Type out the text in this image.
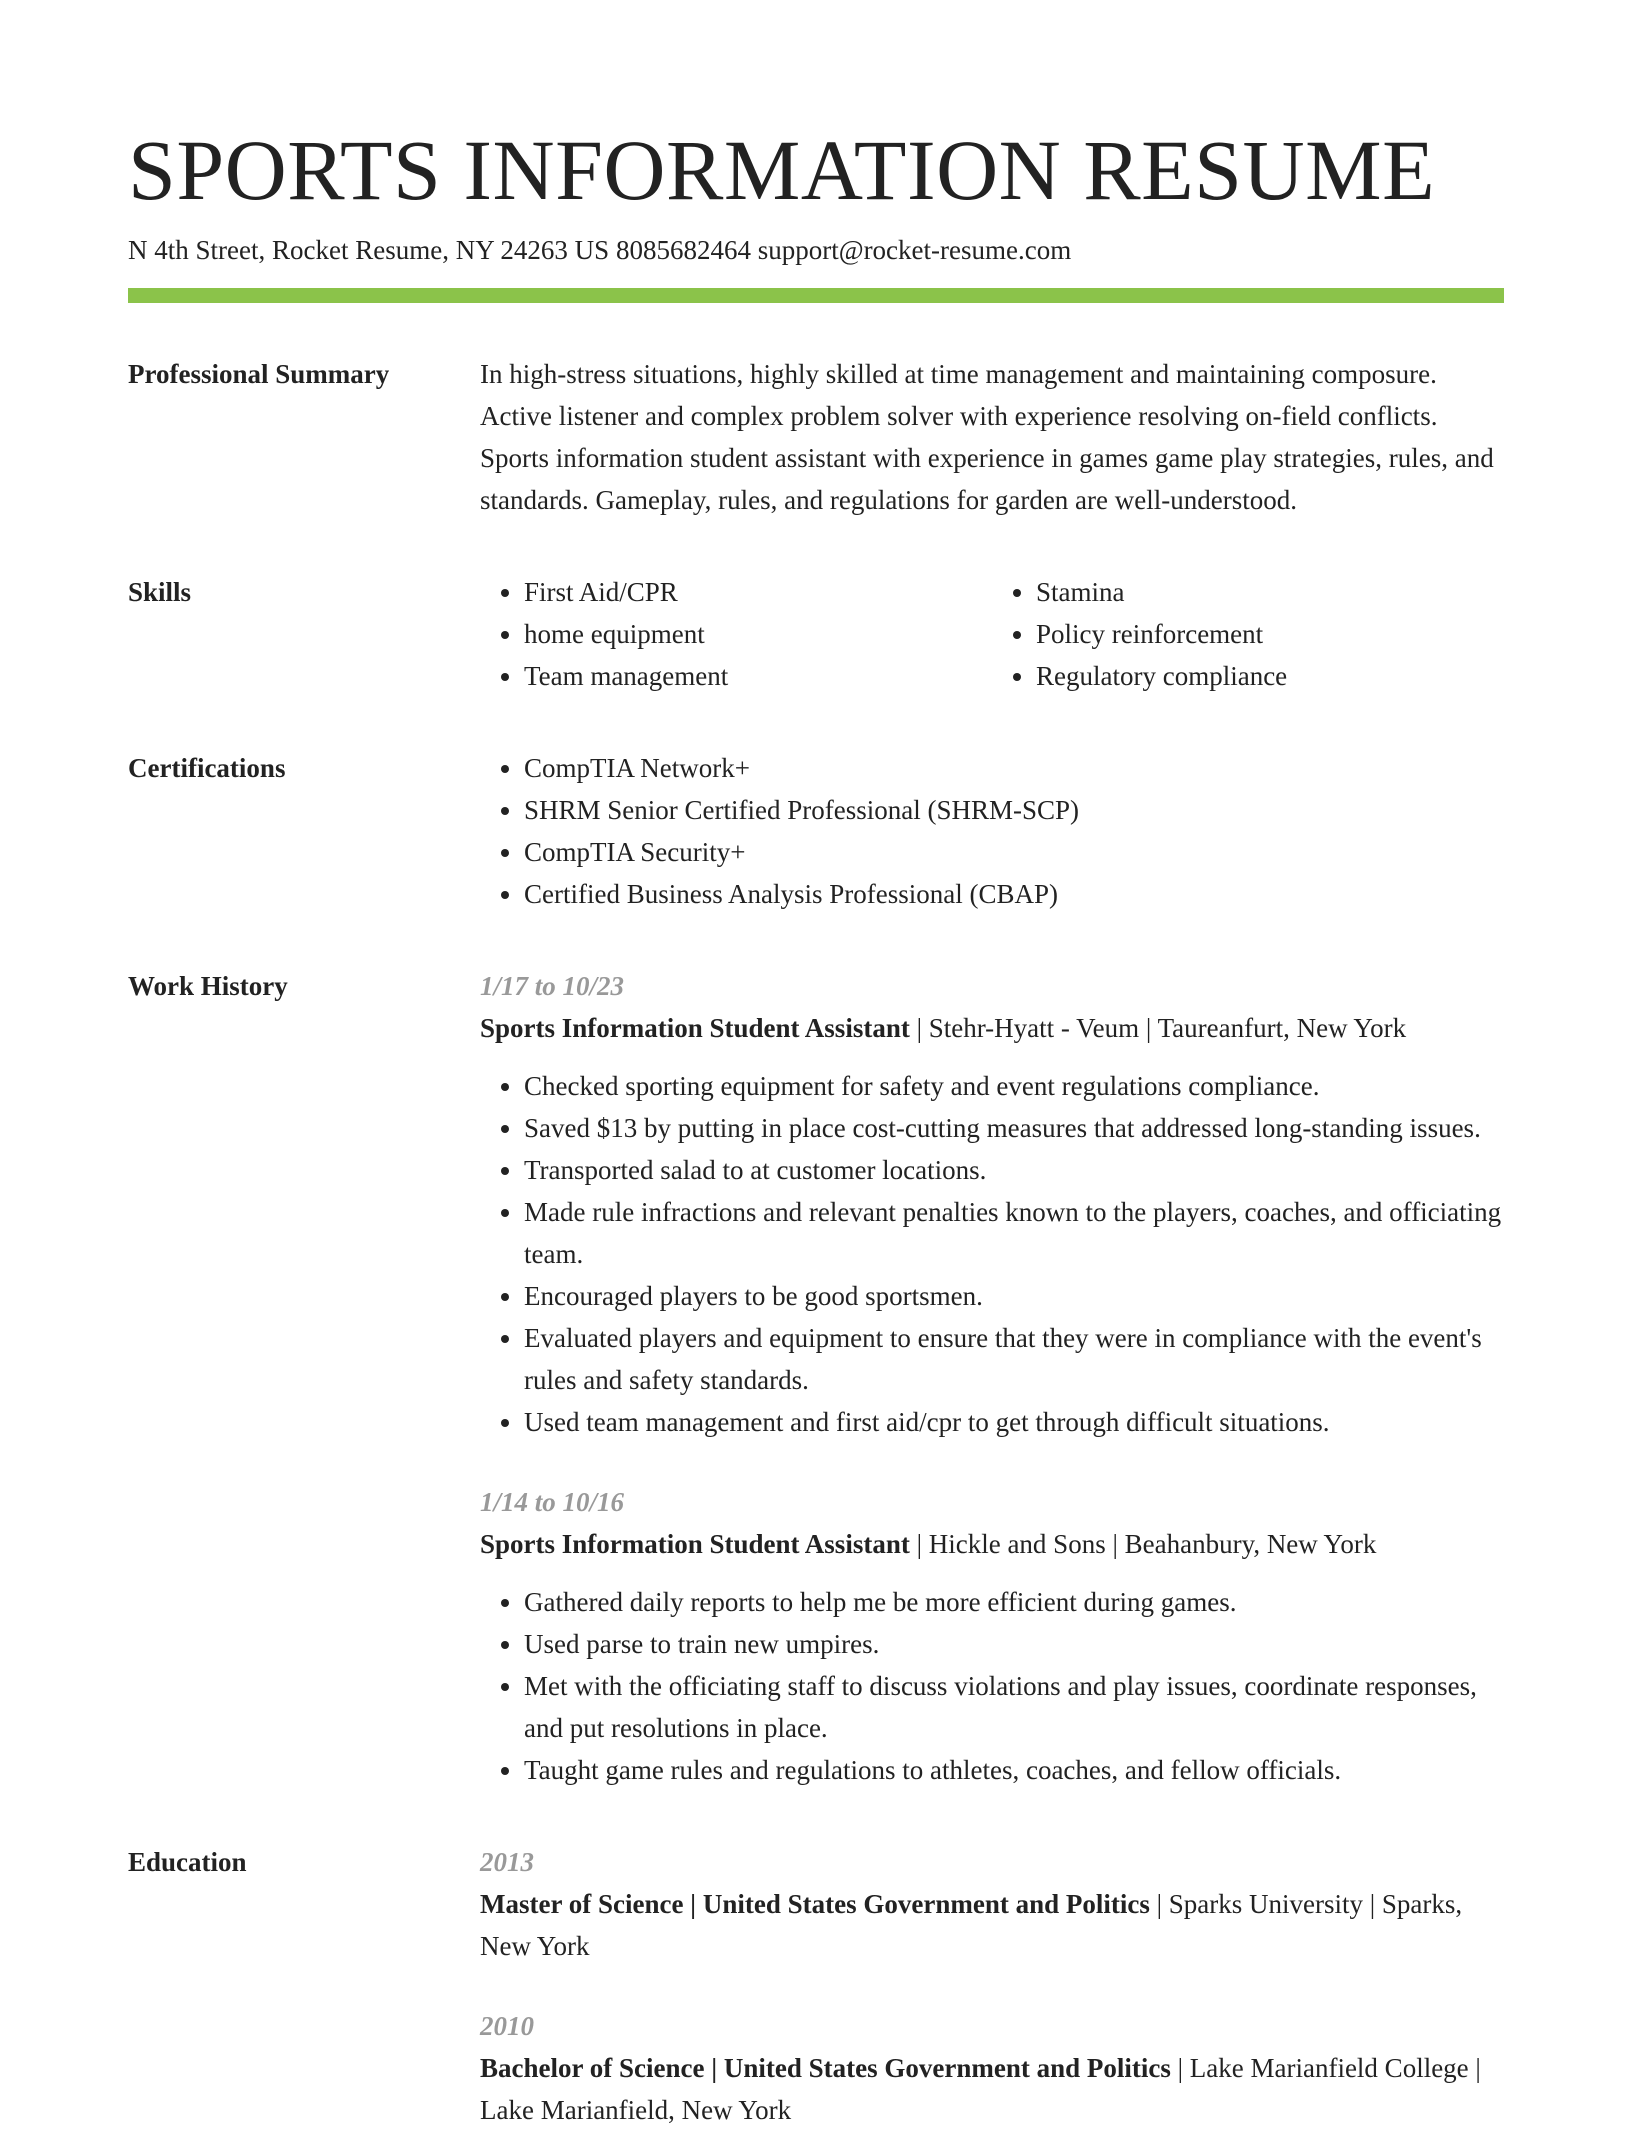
SPORTS INFORMATION RESUME
N 4th Street, Rocket Resume, NY 24263 US 8085682464 support@rocket-resume.com
Professional Summary	In high-stress situations, highly skilled at time management and maintaining composure. Active listener and complex problem solver with experience resolving on-field conflicts. Sports information student assistant with experience in games game play strategies, rules, and standards. Gameplay, rules, and regulations for garden are well-understood.
Skills	• First Aid/CPR
• home equipment
• Team management
• Stamina
• Policy reinforcement
• Regulatory compliance
Certifications	• CompTIA Network+
• SHRM Senior Certified Professional (SHRM-SCP)
• CompTIA Security+
• Certified Business Analysis Professional (CBAP)
Work History	1/17 to 10/23
Sports Information Student Assistant | Stehr-Hyatt - Veum | Taureanfurt, New York
• Checked sporting equipment for safety and event regulations compliance.
• Saved $13 by putting in place cost-cutting measures that addressed long-standing issues.
• Transported salad to at customer locations.
• Made rule infractions and relevant penalties known to the players, coaches, and officiating team.
• Encouraged players to be good sportsmen.
• Evaluated players and equipment to ensure that they were in compliance with the event's rules and safety standards.
• Used team management and first aid/cpr to get through difficult situations.
1/14 to 10/16
Sports Information Student Assistant | Hickle and Sons | Beahanbury, New York
• Gathered daily reports to help me be more efficient during games.
• Used parse to train new umpires.
• Met with the officiating staff to discuss violations and play issues, coordinate responses, and put resolutions in place.
• Taught game rules and regulations to athletes, coaches, and fellow officials.
Education	2013
Master of Science | United States Government and Politics | Sparks University | Sparks, New York
2010
Bachelor of Science | United States Government and Politics | Lake Marianfield College | Lake Marianfield, New York
